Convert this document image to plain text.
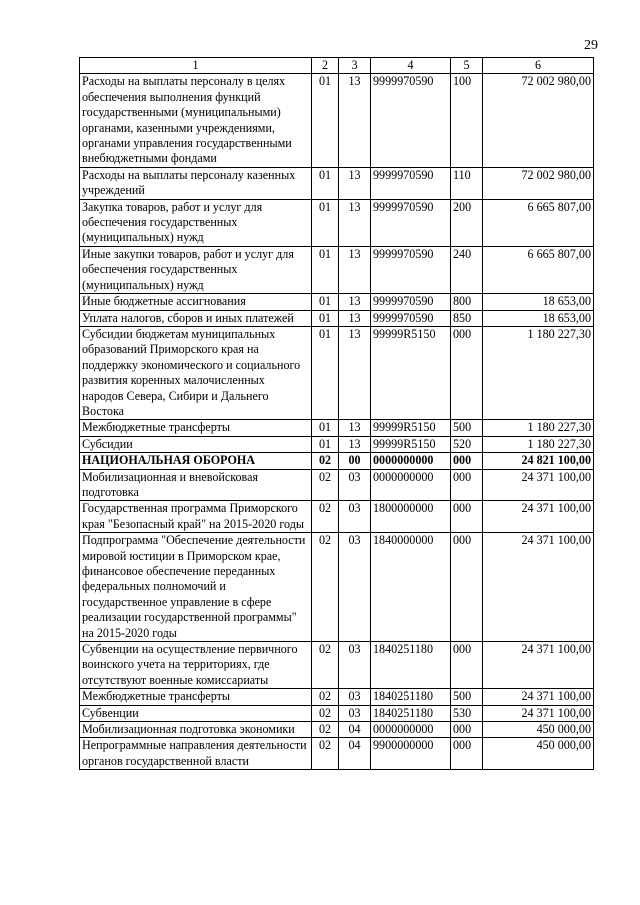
29
1	2	3	4	5	6
Расходы на выплаты персоналу в целях обеспечения выполнения функций государственными (муниципальными) органами, казенными учреждениями, органами управления государственными внебюджетными фондами	01	13	9999970590	100	72 002 980,00
Расходы на выплаты персоналу казенных учреждений	01	13	9999970590	110	72 002 980,00
Закупка товаров, работ и услуг для обеспечения государственных (муниципальных) нужд	01	13	9999970590	200	6 665 807,00
Иные закупки товаров, работ и услуг для обеспечения государственных (муниципальных) нужд	01	13	9999970590	240	6 665 807,00
Иные бюджетные ассигнования	01	13	9999970590	800	18 653,00
Уплата налогов, сборов и иных платежей	01	13	9999970590	850	18 653,00
Субсидии бюджетам муниципальных образований Приморского края на поддержку экономического и социального развития коренных малочисленных народов Севера, Сибири и Дальнего Востока	01	13	99999R5150	000	1 180 227,30
Межбюджетные трансферты	01	13	99999R5150	500	1 180 227,30
Субсидии	01	13	99999R5150	520	1 180 227,30
НАЦИОНАЛЬНАЯ ОБОРОНА	02	00	0000000000	000	24 821 100,00
Мобилизационная и вневойсковая подготовка	02	03	0000000000	000	24 371 100,00
Государственная программа Приморского края "Безопасный край" на 2015-2020 годы	02	03	1800000000	000	24 371 100,00
Подпрограмма "Обеспечение деятельности мировой юстиции в Приморском крае, финансовое обеспечение переданных федеральных полномочий и государственное управление в сфере реализации государственной программы" на 2015-2020 годы	02	03	1840000000	000	24 371 100,00
Субвенции на осуществление первичного воинского учета на территориях, где отсутствуют военные комиссариаты	02	03	1840251180	000	24 371 100,00
Межбюджетные трансферты	02	03	1840251180	500	24 371 100,00
Субвенции	02	03	1840251180	530	24 371 100,00
Мобилизационная подготовка экономики	02	04	0000000000	000	450 000,00
Непрограммные направления деятельности органов государственной власти	02	04	9900000000	000	450 000,00
